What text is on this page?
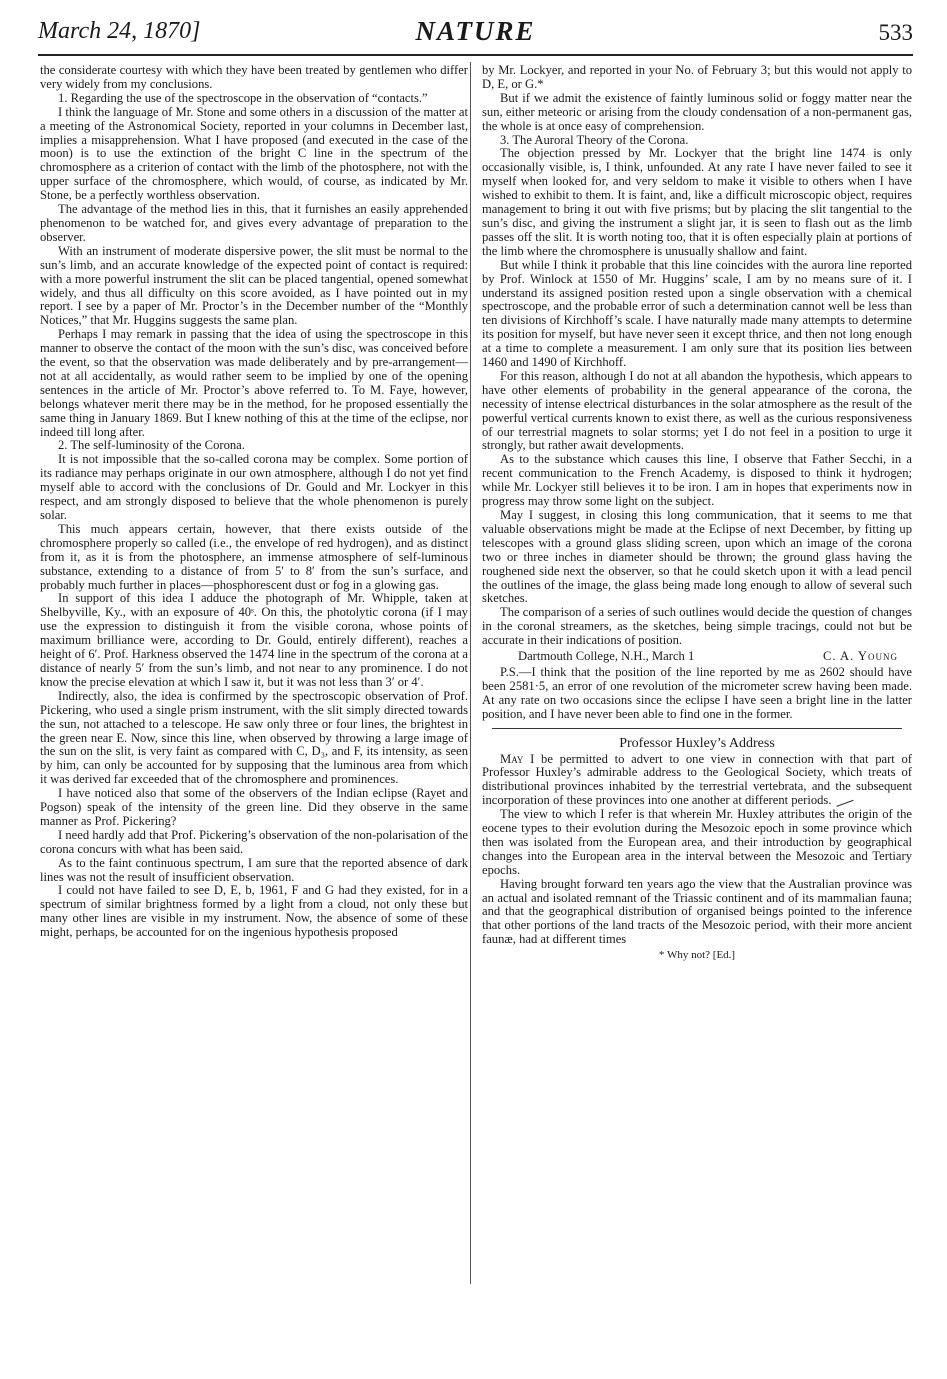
March 24, 1870]	NATURE	533

the considerate courtesy with which they have been treated by gentlemen who differ very widely from my conclusions.

1. Regarding the use of the spectroscope in the observation of “contacts.”

I think the language of Mr. Stone and some others in a discussion of the matter at a meeting of the Astronomical Society, reported in your columns in December last, implies a misapprehension. What I have proposed (and executed in the case of the moon) is to use the extinction of the bright C line in the spectrum of the chromosphere as a criterion of contact with the limb of the photosphere, not with the upper surface of the chromosphere, which would, of course, as indicated by Mr. Stone, be a perfectly worthless observation.

The advantage of the method lies in this, that it furnishes an easily apprehended phenomenon to be watched for, and gives every advantage of preparation to the observer.

With an instrument of moderate dispersive power, the slit must be normal to the sun’s limb, and an accurate knowledge of the expected point of contact is required: with a more powerful instrument the slit can be placed tangential, opened somewhat widely, and thus all difficulty on this score avoided, as I have pointed out in my report. I see by a paper of Mr. Proctor’s in the December number of the “Monthly Notices,” that Mr. Huggins suggests the same plan.

Perhaps I may remark in passing that the idea of using the spectroscope in this manner to observe the contact of the moon with the sun’s disc, was conceived before the event, so that the observation was made deliberately and by pre-arrangement—not at all accidentally, as would rather seem to be implied by one of the opening sentences in the article of Mr. Proctor’s above referred to. To M. Faye, however, belongs whatever merit there may be in the method, for he proposed essentially the same thing in January 1869. But I knew nothing of this at the time of the eclipse, nor indeed till long after.

2. The self-luminosity of the Corona.

It is not impossible that the so-called corona may be complex. Some portion of its radiance may perhaps originate in our own atmosphere, although I do not yet find myself able to accord with the conclusions of Dr. Gould and Mr. Lockyer in this respect, and am strongly disposed to believe that the whole phenomenon is purely solar.

This much appears certain, however, that there exists outside of the chromosphere properly so called (i.e., the envelope of red hydrogen), and as distinct from it, as it is from the photosphere, an immense atmosphere of self-luminous substance, extending to a distance of from 5′ to 8′ from the sun’s surface, and probably much further in places—phosphorescent dust or fog in a glowing gas.

In support of this idea I adduce the photograph of Mr. Whipple, taken at Shelbyville, Ky., with an exposure of 40ˢ. On this, the photolytic corona (if I may use the expression to distinguish it from the visible corona, whose points of maximum brilliance were, according to Dr. Gould, entirely different), reaches a height of 6′. Prof. Harkness observed the 1474 line in the spectrum of the corona at a distance of nearly 5′ from the sun’s limb, and not near to any prominence. I do not know the precise elevation at which I saw it, but it was not less than 3′ or 4′.

Indirectly, also, the idea is confirmed by the spectroscopic observation of Prof. Pickering, who used a single prism instrument, with the slit simply directed towards the sun, not attached to a telescope. He saw only three or four lines, the brightest in the green near E. Now, since this line, when observed by throwing a large image of the sun on the slit, is very faint as compared with C, D₃, and F, its intensity, as seen by him, can only be accounted for by supposing that the luminous area from which it was derived far exceeded that of the chromosphere and prominences.

I have noticed also that some of the observers of the Indian eclipse (Rayet and Pogson) speak of the intensity of the green line. Did they observe in the same manner as Prof. Pickering?

I need hardly add that Prof. Pickering’s observation of the non-polarisation of the corona concurs with what has been said.

As to the faint continuous spectrum, I am sure that the reported absence of dark lines was not the result of insufficient observation.

I could not have failed to see D, E, b, 1961, F and G had they existed, for in a spectrum of similar brightness formed by a light from a cloud, not only these but many other lines are visible in my instrument. Now, the absence of some of these might, perhaps, be accounted for on the ingenious hypothesis proposed

by Mr. Lockyer, and reported in your No. of February 3; but this would not apply to D, E, or G.*

But if we admit the existence of faintly luminous solid or foggy matter near the sun, either meteoric or arising from the cloudy condensation of a non-permanent gas, the whole is at once easy of comprehension.

3. The Auroral Theory of the Corona.

The objection pressed by Mr. Lockyer that the bright line 1474 is only occasionally visible, is, I think, unfounded. At any rate I have never failed to see it myself when looked for, and very seldom to make it visible to others when I have wished to exhibit to them. It is faint, and, like a difficult microscopic object, requires management to bring it out with five prisms; but by placing the slit tangential to the sun’s disc, and giving the instrument a slight jar, it is seen to flash out as the limb passes off the slit. It is worth noting too, that it is often especially plain at portions of the limb where the chromosphere is unusually shallow and faint.

But while I think it probable that this line coincides with the aurora line reported by Prof. Winlock at 1550 of Mr. Huggins’ scale, I am by no means sure of it. I understand its assigned position rested upon a single observation with a chemical spectroscope, and the probable error of such a determination cannot well be less than ten divisions of Kirchhoff’s scale. I have naturally made many attempts to determine its position for myself, but have never seen it except thrice, and then not long enough at a time to complete a measurement. I am only sure that its position lies between 1460 and 1490 of Kirchhoff.

For this reason, although I do not at all abandon the hypothesis, which appears to have other elements of probability in the general appearance of the corona, the necessity of intense electrical disturbances in the solar atmosphere as the result of the powerful vertical currents known to exist there, as well as the curious responsiveness of our terrestrial magnets to solar storms; yet I do not feel in a position to urge it strongly, but rather await developments.

As to the substance which causes this line, I observe that Father Secchi, in a recent communication to the French Academy, is disposed to think it hydrogen; while Mr. Lockyer still believes it to be iron. I am in hopes that experiments now in progress may throw some light on the subject.

May I suggest, in closing this long communication, that it seems to me that valuable observations might be made at the Eclipse of next December, by fitting up telescopes with a ground glass sliding screen, upon which an image of the corona two or three inches in diameter should be thrown; the ground glass having the roughened side next the observer, so that he could sketch upon it with a lead pencil the outlines of the image, the glass being made long enough to allow of several such sketches.

The comparison of a series of such outlines would decide the question of changes in the coronal streamers, as the sketches, being simple tracings, could not but be accurate in their indications of position.

Dartmouth College, N.H., March 1	C. A. Young

P.S.—I think that the position of the line reported by me as 2602 should have been 2581·5, an error of one revolution of the micrometer screw having been made. At any rate on two occasions since the eclipse I have seen a bright line in the latter position, and I have never been able to find one in the former.

Professor Huxley’s Address

May I be permitted to advert to one view in connection with that part of Professor Huxley’s admirable address to the Geological Society, which treats of distributional provinces inhabited by the terrestrial vertebrata, and the subsequent incorporation of these provinces into one another at different periods.

The view to which I refer is that wherein Mr. Huxley attributes the origin of the eocene types to their evolution during the Mesozoic epoch in some province which then was isolated from the European area, and their introduction by geographical changes into the European area in the interval between the Mesozoic and Tertiary epochs.

Having brought forward ten years ago the view that the Australian province was an actual and isolated remnant of the Triassic continent and of its mammalian fauna; and that the geographical distribution of organised beings pointed to the inference that other portions of the land tracts of the Mesozoic period, with their more ancient faunæ, had at different times

* Why not? [Ed.]
